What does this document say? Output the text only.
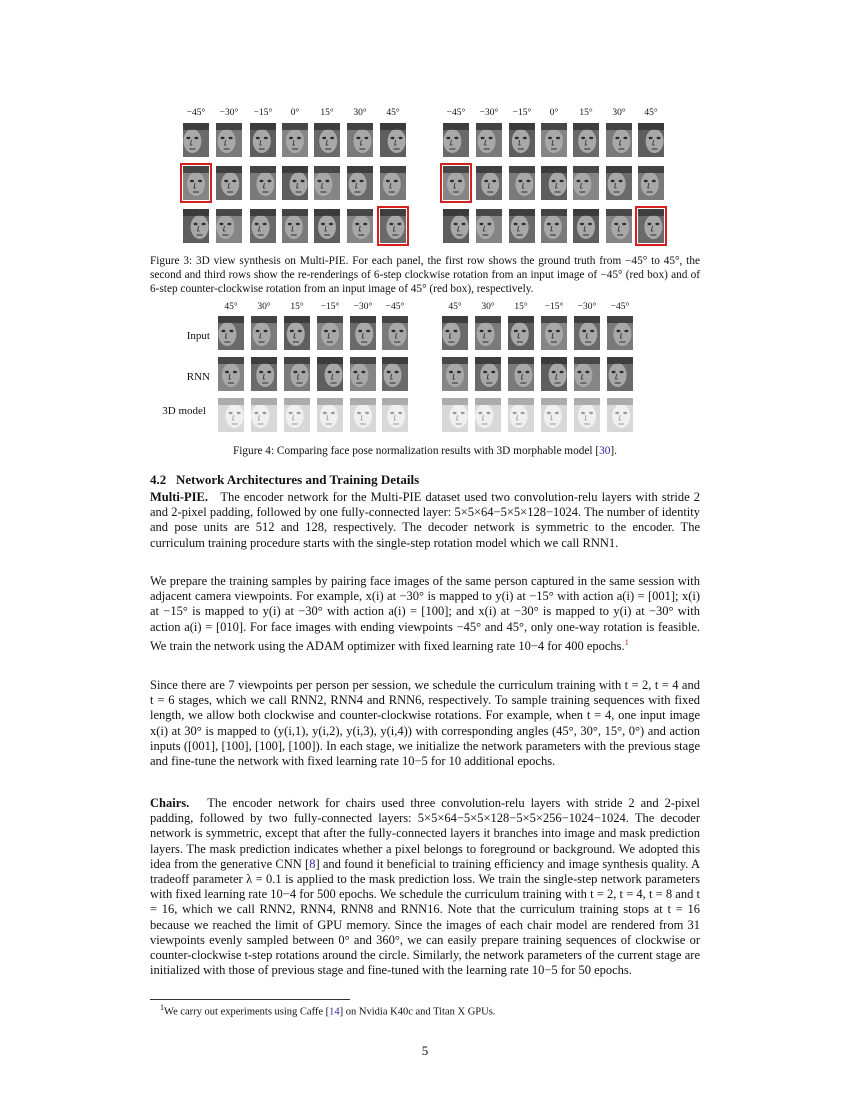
−45°	−30°	−15°	0°	15°	30°	45°	−45°	−30°	−15°	0°	15°	30°	45°
Figure 3: 3D view synthesis on Multi-PIE. For each panel, the first row shows the ground truth from −45° to 45°, the second and third rows show the re-renderings of 6-step clockwise rotation from an input image of −45° (red box) and of 6-step counter-clockwise rotation from an input image of 45° (red box), respectively.
Input
RNN
3D model
45°	30°	15°	−15°	−30°	−45°	45°	30°	15°	−15°	−30°	−45°
Figure 4: Comparing face pose normalization results with 3D morphable model [30].
4.2   Network Architectures and Training Details
Multi-PIE. The encoder network for the Multi-PIE dataset used two convolution-relu layers with stride 2 and 2-pixel padding, followed by one fully-connected layer: 5×5×64−5×5×128−1024. The number of identity and pose units are 512 and 128, respectively. The decoder network is symmetric to the encoder. The curriculum training procedure starts with the single-step rotation model which we call RNN1.
We prepare the training samples by pairing face images of the same person captured in the same session with adjacent camera viewpoints. For example, x(i) at −30° is mapped to y(i) at −15° with action a(i) = [001]; x(i) at −15° is mapped to y(i) at −30° with action a(i) = [100]; and x(i) at −30° is mapped to y(i) at −30° with action a(i) = [010]. For face images with ending viewpoints −45° and 45°, only one-way rotation is feasible. We train the network using the ADAM optimizer with fixed learning rate 10−4 for 400 epochs.$^1$
Since there are 7 viewpoints per person per session, we schedule the curriculum training with t = 2, t = 4 and t = 6 stages, which we call RNN2, RNN4 and RNN6, respectively. To sample training sequences with fixed length, we allow both clockwise and counter-clockwise rotations. For example, when t = 4, one input image x(i) at 30° is mapped to (y(i,1), y(i,2), y(i,3), y(i,4)) with corresponding angles (45°, 30°, 15°, 0°) and action inputs ([001], [100], [100], [100]). In each stage, we initialize the network parameters with the previous stage and fine-tune the network with fixed learning rate 10−5 for 10 additional epochs.
Chairs. The encoder network for chairs used three convolution-relu layers with stride 2 and 2-pixel padding, followed by two fully-connected layers: 5×5×64−5×5×128−5×5×256−1024−1024. The decoder network is symmetric, except that after the fully-connected layers it branches into image and mask prediction layers. The mask prediction indicates whether a pixel belongs to foreground or background. We adopted this idea from the generative CNN [8] and found it beneficial to training efficiency and image synthesis quality. A tradeoff parameter λ = 0.1 is applied to the mask prediction loss. We train the single-step network parameters with fixed learning rate 10−4 for 500 epochs. We schedule the curriculum training with t = 2, t = 4, t = 8 and t = 16, which we call RNN2, RNN4, RNN8 and RNN16. Note that the curriculum training stops at t = 16 because we reached the limit of GPU memory. Since the images of each chair model are rendered from 31 viewpoints evenly sampled between 0° and 360°, we can easily prepare training sequences of clockwise or counter-clockwise t-step rotations around the circle. Similarly, the network parameters of the current stage are initialized with those of previous stage and fine-tuned with the learning rate 10−5 for 50 epochs.
$^1$We carry out experiments using Caffe [14] on Nvidia K40c and Titan X GPUs.
5
